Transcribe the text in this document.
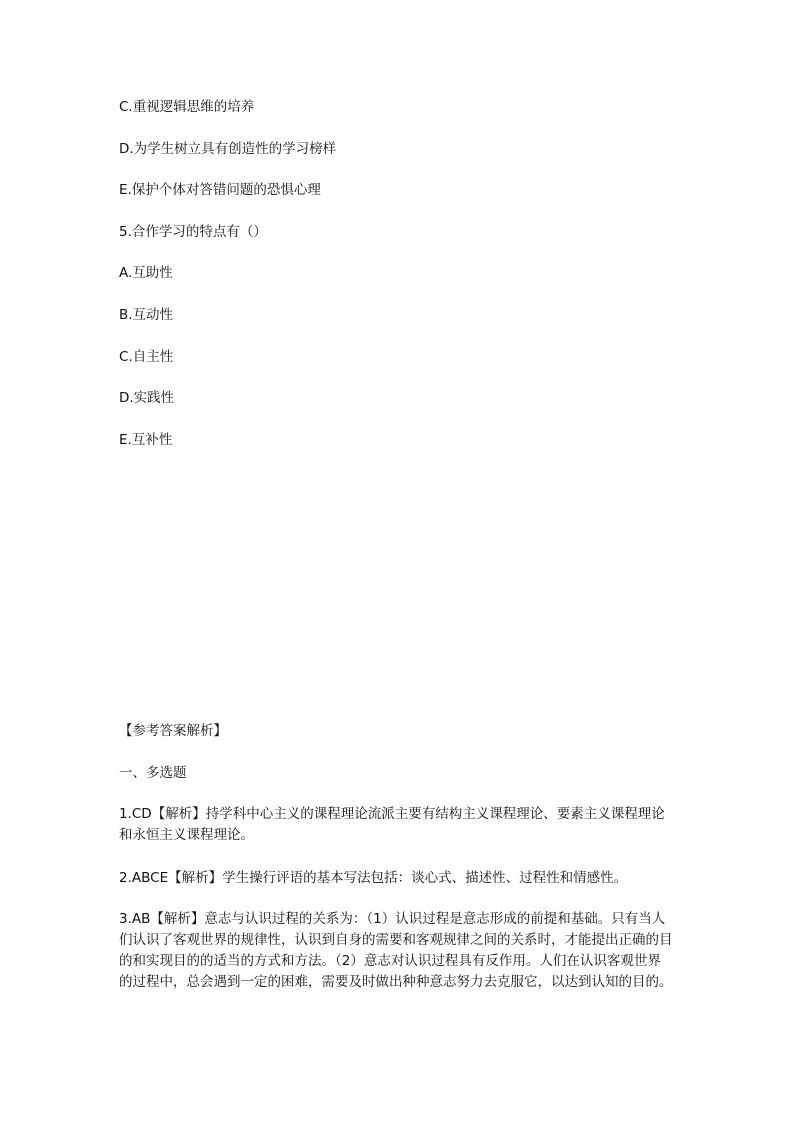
C.重视逻辑思维的培养
D.为学生树立具有创造性的学习榜样
E.保护个体对答错问题的恐惧心理
5.合作学习的特点有（）
A.互助性
B.互动性
C.自主性
D.实践性
E.互补性
【参考答案解析】
一、多选题
1.CD【解析】持学科中心主义的课程理论流派主要有结构主义课程理论、要素主义课程理论和永恒主义课程理论。
2.ABCE【解析】学生操行评语的基本写法包括：谈心式、描述性、过程性和情感性。
3.AB【解析】意志与认识过程的关系为：（1）认识过程是意志形成的前提和基础。只有当人们认识了客观世界的规律性，认识到自身的需要和客观规律之间的关系时，才能提出正确的目的和实现目的的适当的方式和方法。（2）意志对认识过程具有反作用。人们在认识客观世界的过程中，总会遇到一定的困难，需要及时做出种种意志努力去克服它，以达到认知的目的。
